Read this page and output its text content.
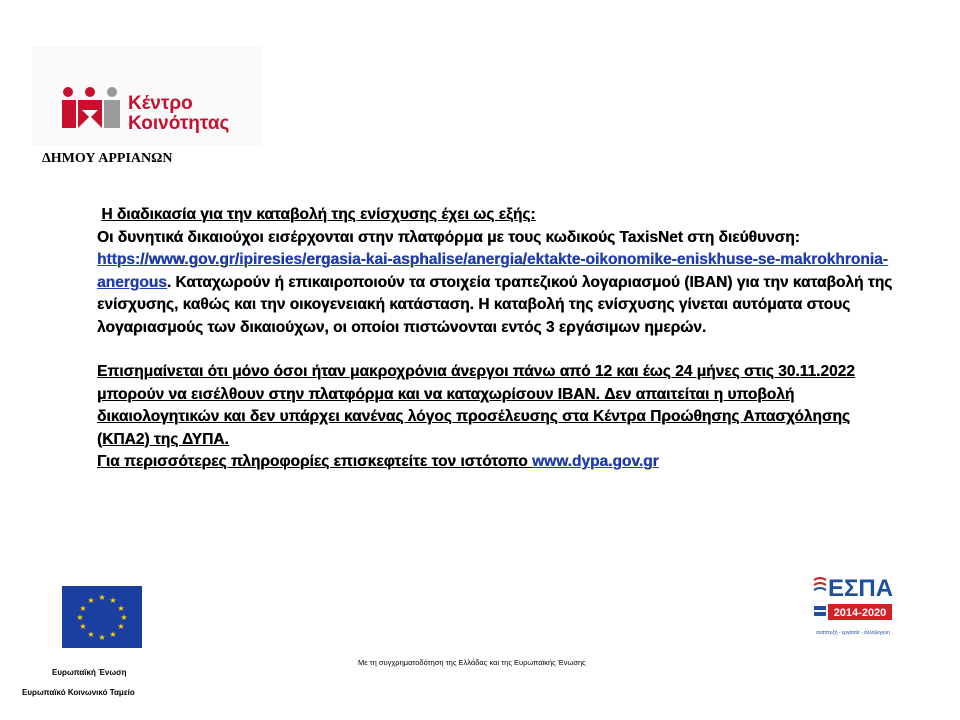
Κέντρο
Κοινότητας
ΔΗΜΟΥ ΑΡΡΙΑΝΩΝ

Η διαδικασία για την καταβολή της ενίσχυσης έχει ως εξής:

Οι δυνητικά δικαιούχοι εισέρχονται στην πλατφόρμα με τους κωδικούς TaxisNet στη διεύθυνση: https://www.gov.gr/ipiresies/ergasia-kai-asphalise/anergia/ektakte-oikonomike-eniskhuse-se-makrokhronia-anergous. Καταχωρούν ή επικαιροποιούν τα στοιχεία τραπεζικού λογαριασμού (IBAN) για την καταβολή της ενίσχυσης, καθώς και την οικογενειακή κατάσταση. Η καταβολή της ενίσχυσης γίνεται αυτόματα στους λογαριασμούς των δικαιούχων, οι οποίοι πιστώνονται εντός 3 εργάσιμων ημερών.

Επισημαίνεται ότι μόνο όσοι ήταν μακροχρόνια άνεργοι πάνω από 12 και έως 24 μήνες στις 30.11.2022 μπορούν να εισέλθουν στην πλατφόρμα και να καταχωρίσουν IBAN. Δεν απαιτείται η υποβολή δικαιολογητικών και δεν υπάρχει κανένας λόγος προσέλευσης στα Κέντρα Προώθησης Απασχόλησης (ΚΠΑ2) της ΔΥΠΑ.

Για περισσότερες πληροφορίες επισκεφτείτε τον ιστότοπο www.dypa.gov.gr

★ ★
★
★
★
★
★
★
★
★
★
★
Ευρωπαϊκή Ένωση
Ευρωπαϊκό Κοινωνικό Ταμείο
Με τη συγχρηματοδότηση της Ελλάδας και της Ευρωπαϊκής Ένωσης
ΕΣΠΑ
2014-2020
ανάπτυξη - εργασία - αλληλεγγύη
